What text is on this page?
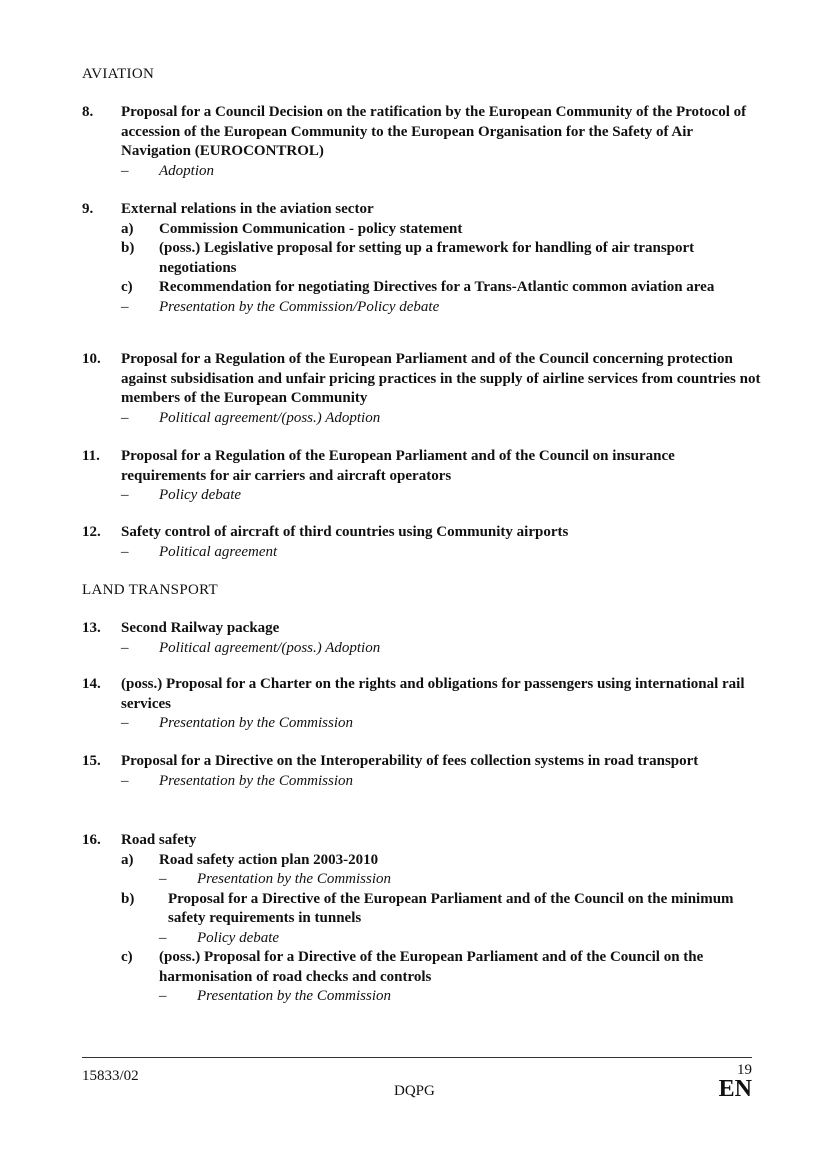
AVIATION
8. Proposal for a Council Decision on the ratification by the European Community of the Protocol of accession of the European Community to the European Organisation for the Safety of Air Navigation (EUROCONTROL)
– Adoption
9. External relations in the aviation sector
a) Commission Communication - policy statement
b) (poss.) Legislative proposal for setting up a framework for handling of air transport negotiations
c) Recommendation for negotiating Directives for a Trans-Atlantic common aviation area
– Presentation by the Commission/Policy debate
10. Proposal for a Regulation of the European Parliament and of the Council concerning protection against subsidisation and unfair pricing practices in the supply of airline services from countries not members of the European Community
– Political agreement/(poss.) Adoption
11. Proposal for a Regulation of the European Parliament and of the Council on insurance requirements for air carriers and aircraft operators
– Policy debate
12. Safety control of aircraft of third countries using Community airports
– Political agreement
LAND TRANSPORT
13. Second Railway package
– Political agreement/(poss.) Adoption
14. (poss.) Proposal for a Charter on the rights and obligations for passengers using international rail services
– Presentation by the Commission
15. Proposal for a Directive on the Interoperability of fees collection systems in road transport
– Presentation by the Commission
16. Road safety
a) Road safety action plan 2003-2010
– Presentation by the Commission
b) Proposal for a Directive of the European Parliament and of the Council on the minimum safety requirements in tunnels
– Policy debate
c) (poss.) Proposal for a Directive of the European Parliament and of the Council on the harmonisation of road checks and controls
– Presentation by the Commission
15833/02	19
DQPG	EN
